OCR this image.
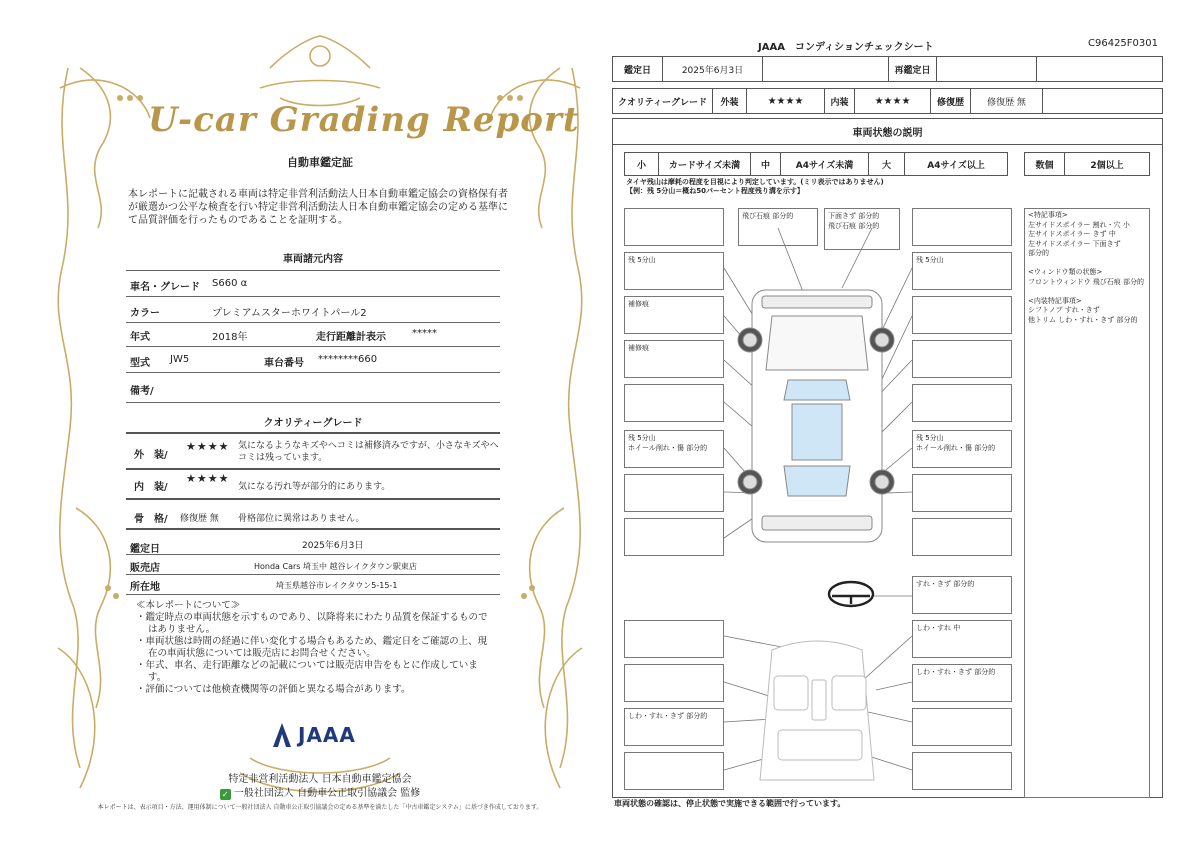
U-car Grading Report
自動車鑑定証
本レポートに記載される車両は特定非営利活動法人日本自動車鑑定協会の資格保有者が厳選かつ公平な検査を行い特定非営利活動法人日本自動車鑑定協会の定める基準にて品質評価を行ったものであることを証明する。
車両諸元内容
車名・グレード S660 α
カラー	プレミアムスターホワイトパール2
年式	2018年	走行距離計表示	*****
型式 JW5	車台番号 ********660
備考/
クオリティーグレード
外　装/
★★★★ 気になるようなキズやヘコミは補修済みですが、小さなキズやヘコミは残っています。
内　装/
★★★★
気になる汚れ等が部分的にあります。
骨　格/ 修復歴 無 骨格部位に異常はありません。
鑑定日	2025年6月3日
販売店	Honda Cars 埼玉中 越谷レイクタウン駅東店
所在地	埼玉県越谷市レイクタウン5-15-1
≪本レポートについて≫
・鑑定時点の車両状態を示すものであり、以降将来にわたり品質を保証するものではありません。
・車両状態は時間の経過に伴い変化する場合もあるため、鑑定日をご確認の上、現在の車両状態については販売店にお問合せください。
・年式、車名、走行距離などの記載については販売店申告をもとに作成しています。
・評価については他検査機関等の評価と異なる場合があります。
JAAA
特定非営利活動法人 日本自動車鑑定協会
✓ 一般社団法人 自動車公正取引協議会 監修
本レポートは、表示項目・方法、運用体制について一般社団法人 自動車公正取引協議会の定める基準を満たした「中古車鑑定システム」に基づき作成しております。
JAAA　コンディションチェックシート	C96425F0301
鑑定日	2025年6月3日	再鑑定日
クオリティーグレード	外装	★★★★	内装	★★★★	修復歴	修復歴 無
車両状態の説明
小	カードサイズ未満	中	A4サイズ未満	大	A4サイズ以上	数個	2個以上
タイヤ残山は摩耗の程度を目視により判定しています。(ミリ表示ではありません)
【例：残 5分山＝概ね50パーセント程度残り溝を示す】
残 5分山
補修痕
補修痕
残 5分山
ホイール削れ・傷 部分的
飛び石痕 部分的	下面きず 部分的
飛び石痕 部分的
残 5分山
残 5分山
ホイール削れ・傷 部分的
すれ・きず 部分的
しわ・すれ 中
しわ・すれ・きず 部分的
しわ・すれ・きず 部分的

<特記事項>

左サイドスポイラー 割れ・穴 小

左サイドスポイラー きず 中

左サイドスポイラー 下面きず

部分的

<ウィンドウ類の状態>

フロントウィンドウ 飛び石痕 部分的

<内装特記事項>

シフトノブ すれ・きず

他トリム しわ・すれ・きず 部分的

車両状態の確認は、停止状態で実施できる範囲で行っています。
